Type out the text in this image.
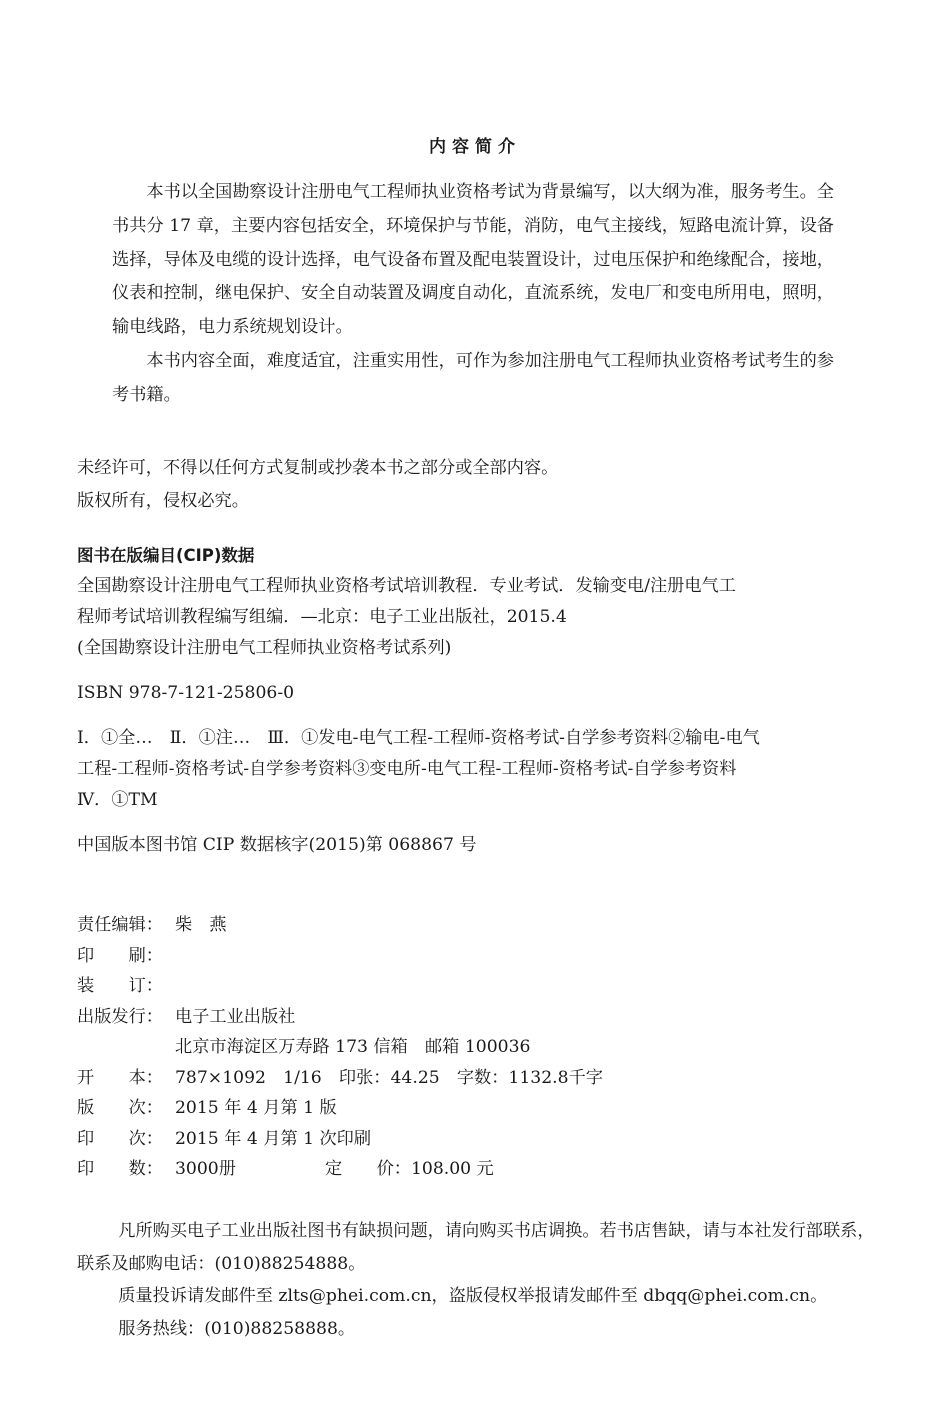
内容简介

本书以全国勘察设计注册电气工程师执业资格考试为背景编写，以大纲为准，服务考生。全书共分 17 章，主要内容包括安全，环境保护与节能，消防，电气主接线，短路电流计算，设备选择，导体及电缆的设计选择，电气设备布置及配电装置设计，过电压保护和绝缘配合，接地，仪表和控制，继电保护、安全自动装置及调度自动化，直流系统，发电厂和变电所用电，照明，输电线路，电力系统规划设计。

本书内容全面，难度适宜，注重实用性，可作为参加注册电气工程师执业资格考试考生的参考书籍。

未经许可，不得以任何方式复制或抄袭本书之部分或全部内容。
版权所有，侵权必究。
图书在版编目(CIP)数据
全国勘察设计注册电气工程师执业资格考试培训教程．专业考试．发输变电/注册电气工
程师考试培训教程编写组编．—北京：电子工业出版社，2015.4
(全国勘察设计注册电气工程师执业资格考试系列)
ISBN 978-7-121-25806-0
Ⅰ．①全…　Ⅱ．①注…　Ⅲ．①发电-电气工程-工程师-资格考试-自学参考资料②输电-电气
工程-工程师-资格考试-自学参考资料③变电所-电气工程-工程师-资格考试-自学参考资料
Ⅳ．①TM
中国版本图书馆 CIP 数据核字(2015)第 068867 号
责任编辑： 柴　燕
印　　刷：
装　　订：
出版发行： 电子工业出版社
北京市海淀区万寿路 173 信箱　邮箱 100036
开　　本： 787×1092　1/16　印张：44.25　字数：1132.8千字
版　　次： 2015 年 4 月第 1 版
印　　次： 2015 年 4 月第 1 次印刷
印　　数： 3000册	定　　价： 108.00 元

凡所购买电子工业出版社图书有缺损问题，请向购买书店调换。若书店售缺，请与本社发行部联系，联系及邮购电话：(010)88254888。

质量投诉请发邮件至 zlts@phei.com.cn，盗版侵权举报请发邮件至 dbqq@phei.com.cn。

服务热线：(010)88258888。
